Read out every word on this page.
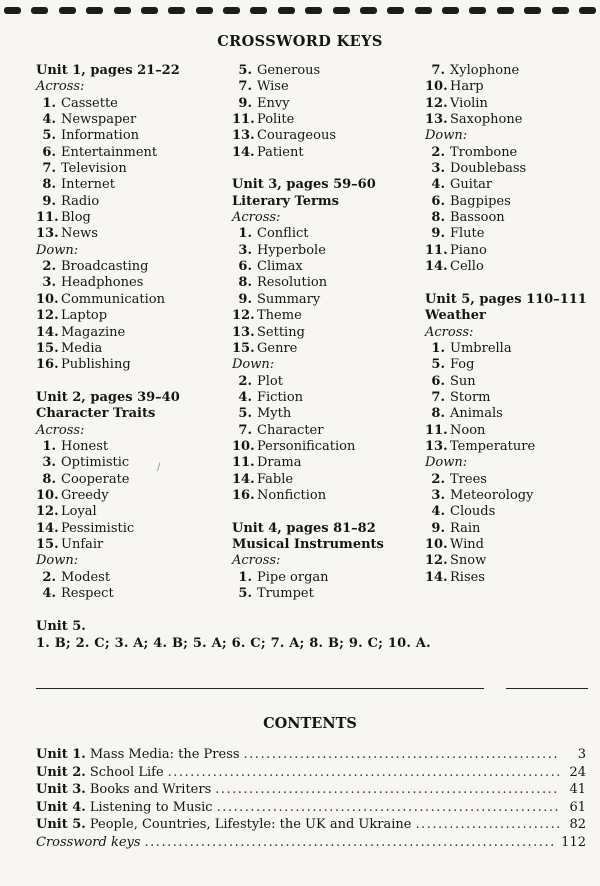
CROSSWORD KEYS
Unit 1, pages 21–22
Across:
1. Cassette
4. Newspaper
5. Information
6. Entertainment
7. Television
8. Internet
9. Radio
11. Blog
13. News
Down:
2. Broadcasting
3. Headphones
10. Communication
12. Laptop
14. Magazine
15. Media
16. Publishing
Unit 2, pages 39–40
Character Traits
Across:
1. Honest
3. Optimistic
8. Cooperate
10. Greedy
12. Loyal
14. Pessimistic
15. Unfair
Down:
2. Modest
4. Respect
5. Generous
7. Wise
9. Envy
11. Polite
13. Courageous
14. Patient
Unit 3, pages 59–60
Literary Terms
Across:
1. Conflict
3. Hyperbole
6. Climax
8. Resolution
9. Summary
12. Theme
13. Setting
15. Genre
Down:
2. Plot
4. Fiction
5. Myth
7. Character
10. Personification
11. Drama
14. Fable
16. Nonfiction
Unit 4, pages 81–82
Musical Instruments
Across:
1. Pipe organ
5. Trumpet
7. Xylophone
10. Harp
12. Violin
13. Saxophone
Down:
2. Trombone
3. Doublebass
4. Guitar
6. Bagpipes
8. Bassoon
9. Flute
11. Piano
14. Cello
Unit 5, pages 110–111
Weather
Across:
1. Umbrella
5. Fog
6. Sun
7. Storm
8. Animals
11. Noon
13. Temperature
Down:
2. Trees
3. Meteorology
4. Clouds
9. Rain
10. Wind
12. Snow
14. Rises
/
Unit 5.
1. B; 2. C; 3. A; 4. B; 5. A; 6. C; 7. A; 8. B; 9. C; 10. A.
CONTENTS
Unit 1. Mass Media: the Press .....	3
Unit 2. School Life .....	24
Unit 3. Books and Writers .....	41
Unit 4. Listening to Music .....	61
Unit 5. People, Countries, Lifestyle: the UK and Ukraine .....	82
Crossword keys .....	112
